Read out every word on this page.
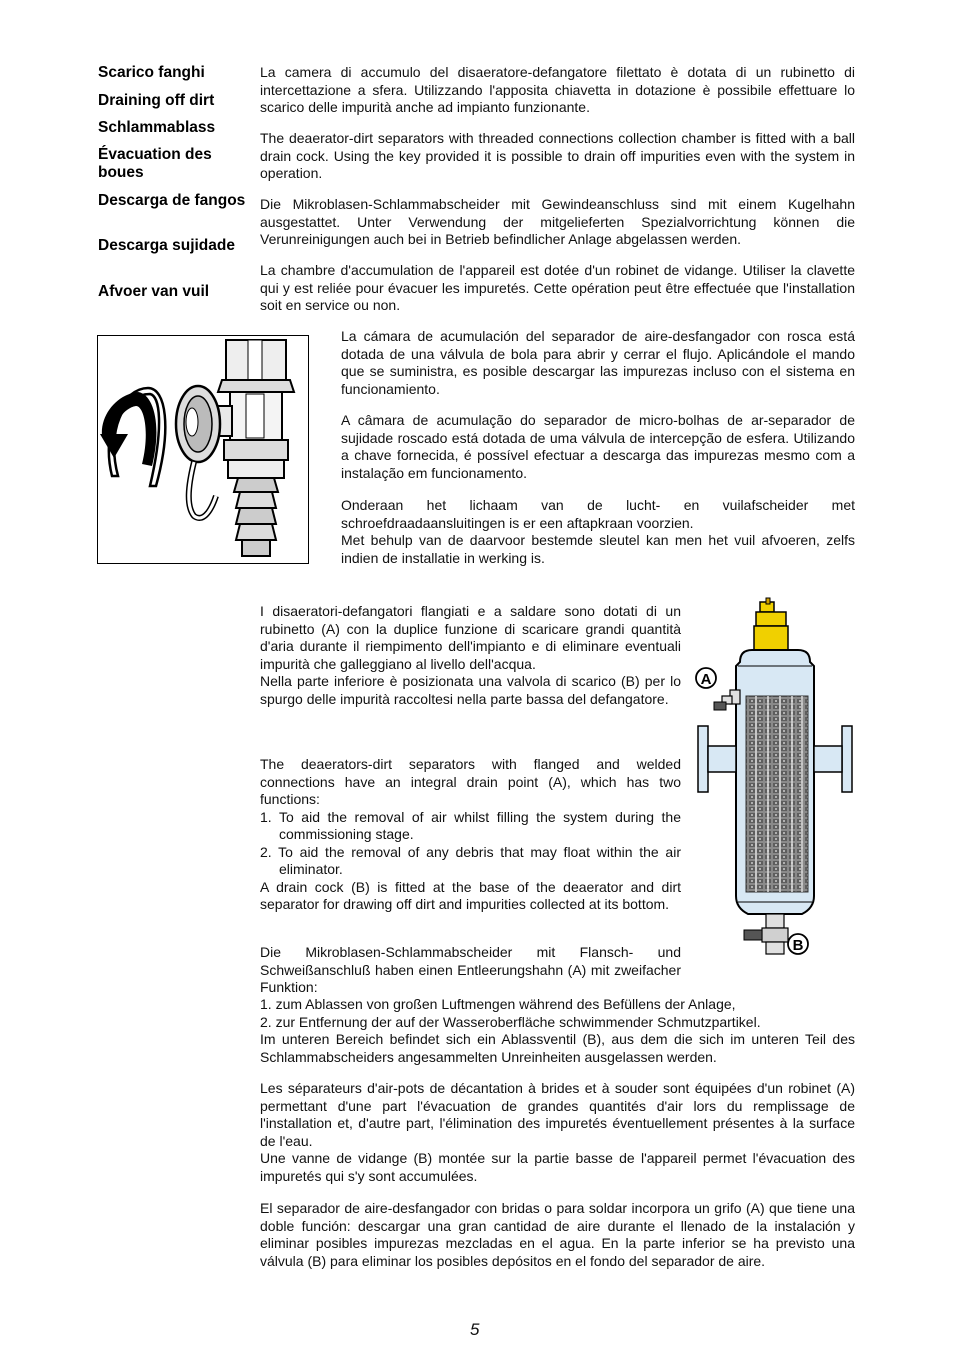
Scarico fanghi
Draining off dirt
Schlammablass
Évacuation des boues
Descarga de fangos
Descarga sujidade
Afvoer van vuil

La camera di accumulo del disaeratore-defangatore filettato è dotata di un rubinetto di intercettazione a sfera. Utilizzando l'apposita chiavetta in dotazione è possibile effettuare lo scarico delle impurità anche ad impianto funzionante.

The deaerator-dirt separators with threaded connections collection chamber is fitted with a ball drain cock. Using the key provided it is possible to drain off impurities even with the system in operation.

Die Mikroblasen-Schlammabscheider mit Gewindeanschluss sind mit einem Kugelhahn ausgestattet. Unter Verwendung der mitgelieferten Spezialvorrichtung können die Verunreinigungen auch bei in Betrieb befindlicher Anlage abgelassen werden.

La chambre d'accumulation de l'appareil est dotée d'un robinet de vidange. Utiliser la clavette qui y est reliée pour évacuer les impuretés. Cette opération peut être effectuée que l'installation soit en service ou non.

La cámara de acumulación del separador de aire-desfangador con rosca está dotada de una válvula de bola para abrir y cerrar el flujo. Aplicándole el mando que se suministra, es posible descargar las impurezas incluso con el sistema en funcionamiento.

A câmara de acumulação do separador de micro-bolhas de ar-separador de sujidade roscado está dotada de uma válvula de intercepção de esfera. Utilizando a chave fornecida, é possível efectuar a descarga das impurezas mesmo com a instalação em funcionamento.

Onderaan het lichaam van de lucht- en vuilafscheider met schroefdraadaansluitingen is er een aftapkraan voorzien.
Met behulp van de daarvoor bestemde sleutel kan men het vuil afvoeren, zelfs indien de installatie in werking is.
I disaeratori-defangatori flangiati e a saldare sono dotati di un rubinetto (A) con la duplice funzione di scaricare grandi quantità d'aria durante il riempimento dell'impianto e di eliminare eventuali impurità che galleggiano al livello dell'acqua.
Nella parte inferiore è posizionata una valvola di scarico (B) per lo spurgo delle impurità raccoltesi nella parte bassa del defangatore.
The deaerators-dirt separators with flanged and welded connections have an integral drain point (A), which has two functions:
1. To aid the removal of air whilst filling the system during the commissioning stage.
2. To aid the removal of any debris that may float within the air eliminator.
A drain cock (B) is fitted at the base of the deaerator and dirt separator for drawing off dirt and impurities collected at its bottom.
Die Mikroblasen-Schlammabscheider mit Flansch- und Schweißanschluß haben einen Entleerungshahn (A) mit zweifacher Funktion:
1. zum Ablassen von großen Luftmengen während des Befüllens der Anlage,
2. zur Entfernung der auf der Wasseroberfläche schwimmender Schmutzpartikel.
Im unteren Bereich befindet sich ein Ablassventil (B), aus dem die sich im unteren Teil des Schlammabscheiders angesammelten Unreinheiten ausgelassen werden.
Les séparateurs d'air-pots de décantation à brides et à souder sont équipées d'un robinet (A) permettant d'une part l'évacuation de grandes quantités d'air lors du remplissage de l'installation et, d'autre part, l'élimination des impuretés éventuellement présentes à la surface de l'eau.
Une vanne de vidange (B) montée sur la partie basse de l'appareil permet l'évacuation des impuretés qui s'y sont accumulées.
El separador de aire-desfangador con bridas o para soldar incorpora un grifo (A) que tiene una doble función: descargar una gran cantidad de aire durante el llenado de la instalación y eliminar posibles impurezas mezcladas en el agua. En la parte inferior se ha previsto una válvula (B) para eliminar los posibles depósitos en el fondo del separador de aire.
A
B
5
